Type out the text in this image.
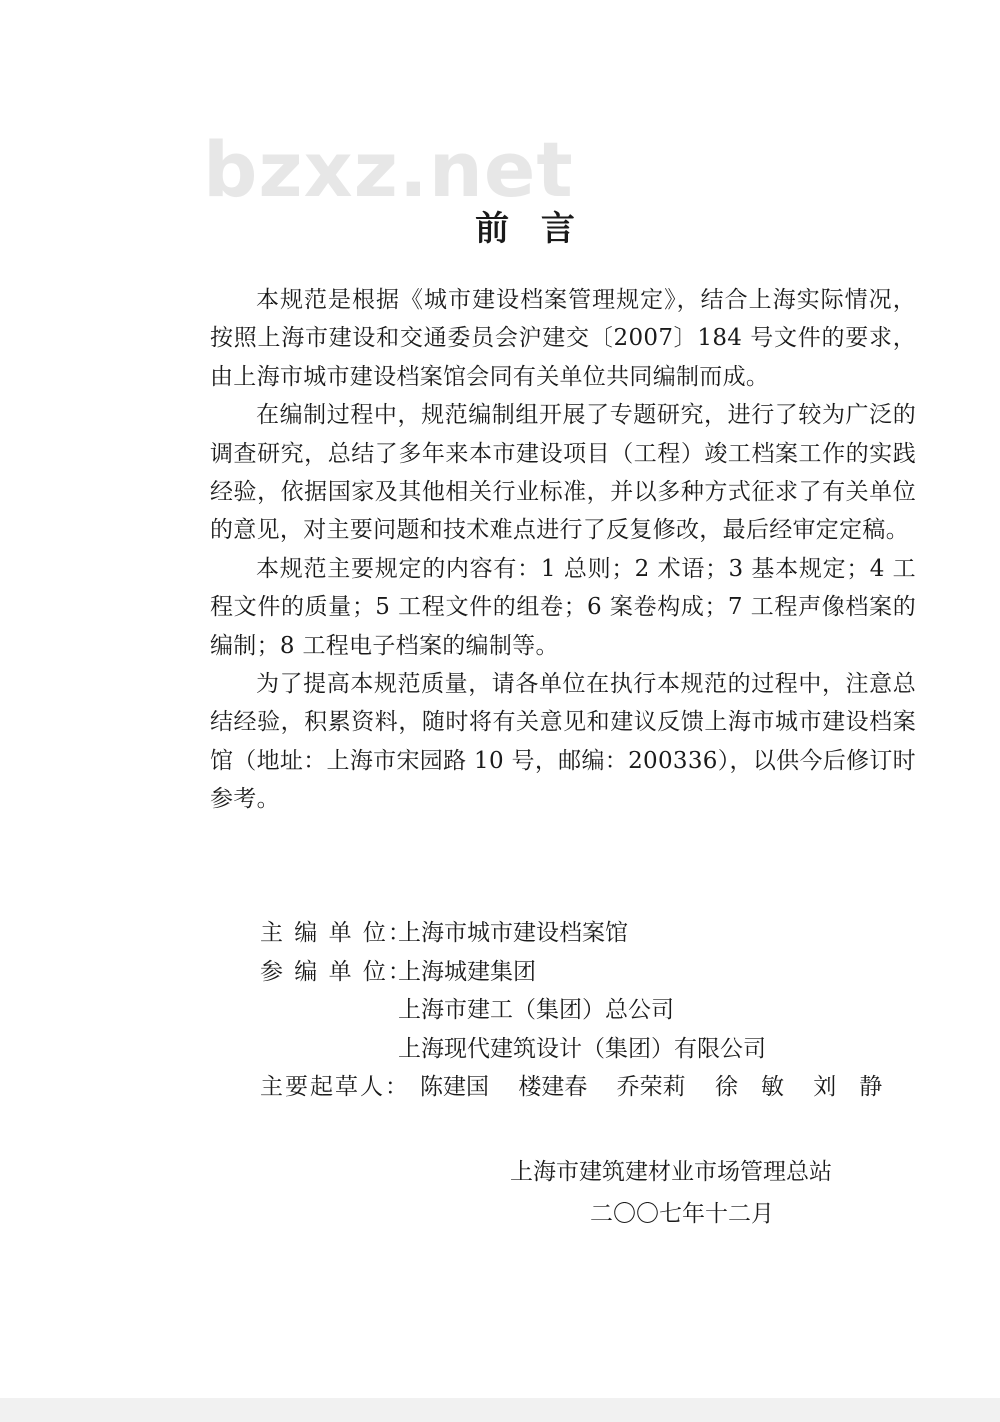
bzxz.net
前 言

本规范是根据《城市建设档案管理规定》，结合上海实际情况，按照上海市建设和交通委员会沪建交〔2007〕184 号文件的要求，由上海市城市建设档案馆会同有关单位共同编制而成。

在编制过程中，规范编制组开展了专题研究，进行了较为广泛的调查研究，总结了多年来本市建设项目（工程）竣工档案工作的实践经验，依据国家及其他相关行业标准，并以多种方式征求了有关单位的意见，对主要问题和技术难点进行了反复修改，最后经审定定稿。

本规范主要规定的内容有：1 总则；2 术语；3 基本规定；4 工程文件的质量；5 工程文件的组卷；6 案卷构成；7 工程声像档案的编制；8 工程电子档案的编制等。

为了提高本规范质量，请各单位在执行本规范的过程中，注意总结经验，积累资料，随时将有关意见和建议反馈上海市城市建设档案馆（地址：上海市宋园路 10 号，邮编：200336），以供今后修订时参考。

主 编 单 位：
上海市城市建设档案馆
参 编 单 位：
上海城建集团
上海市建工（集团）总公司
上海现代建筑设计（集团）有限公司
主要起草人： 陈建国 楼建春 乔荣莉 徐　敏 刘　静
上海市建筑建材业市场管理总站
二〇〇七年十二月
